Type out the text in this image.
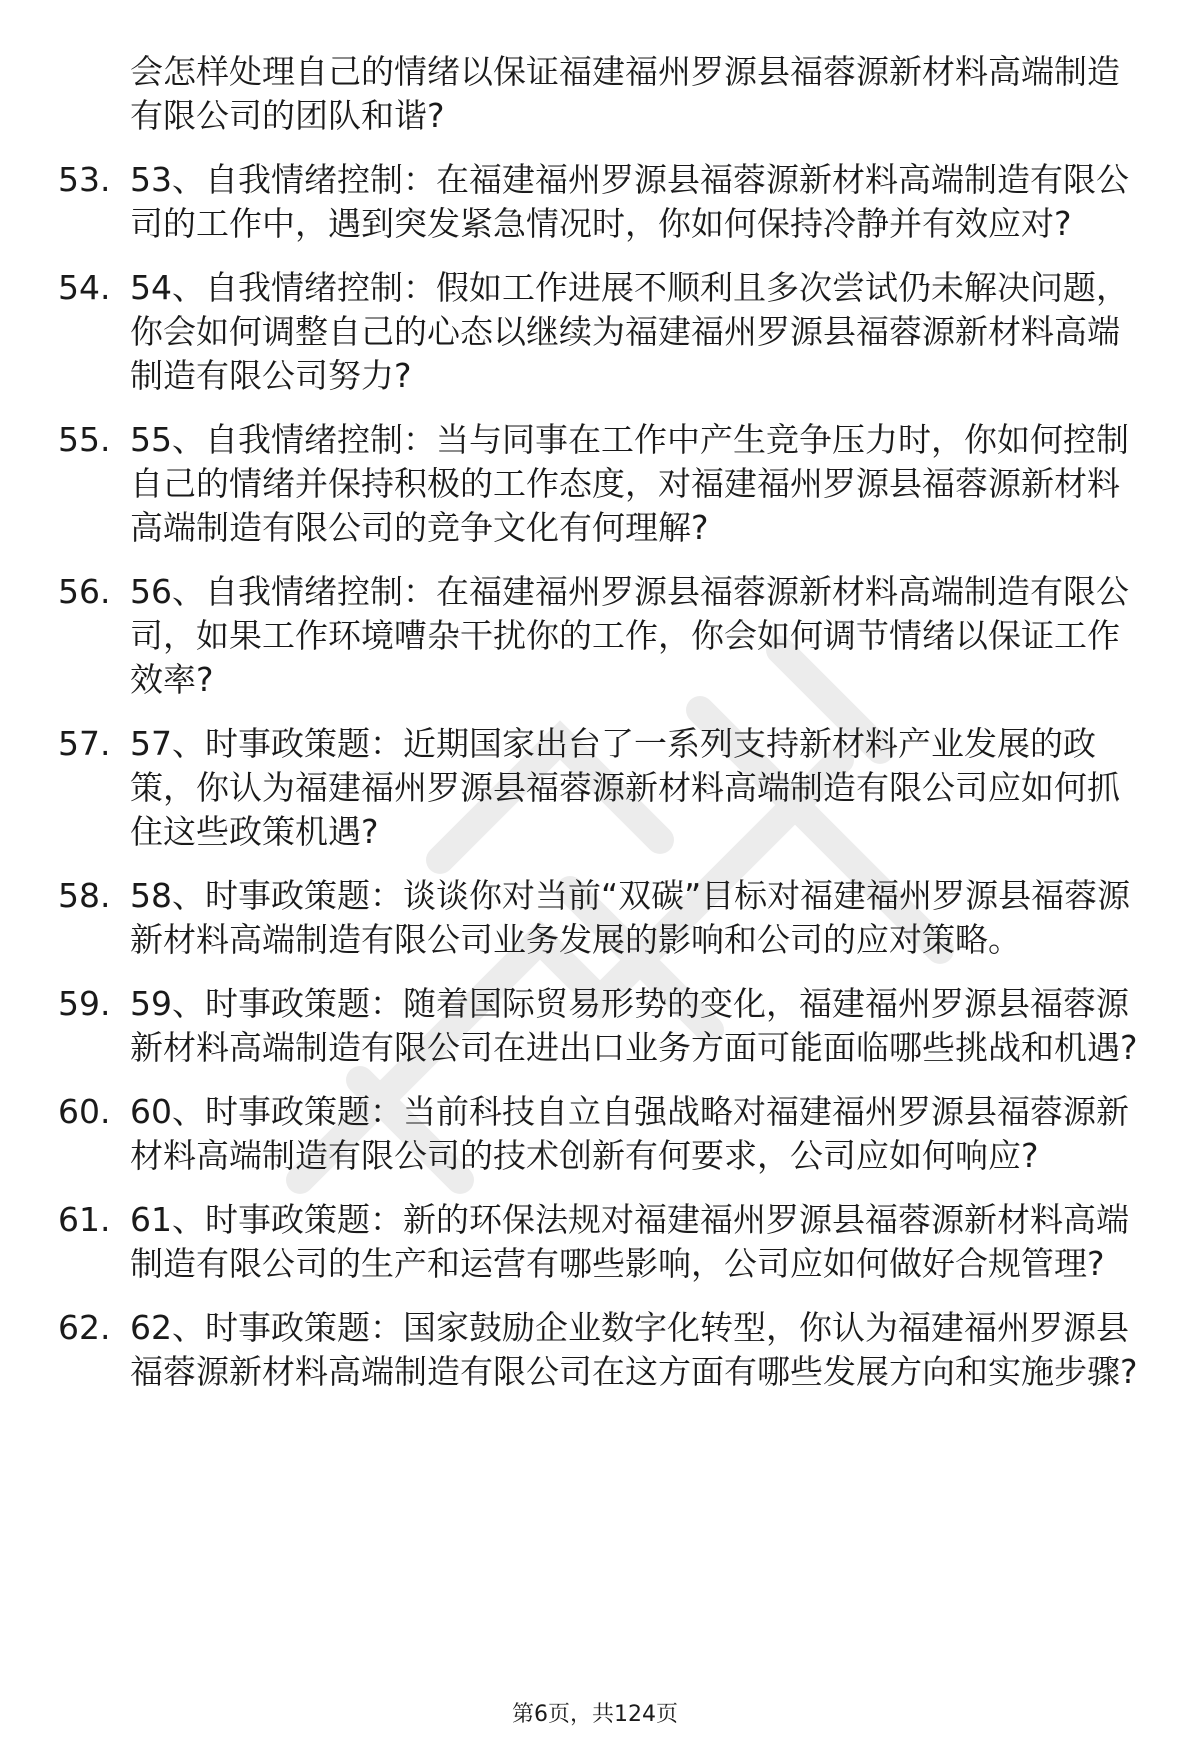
会怎样处理自己的情绪以保证福建福州罗源县福蓉源新材料高端制造有限公司的团队和谐?
53. 53、自我情绪控制：在福建福州罗源县福蓉源新材料高端制造有限公司的工作中，遇到突发紧急情况时，你如何保持冷静并有效应对?
54. 54、自我情绪控制：假如工作进展不顺利且多次尝试仍未解决问题，你会如何调整自己的心态以继续为福建福州罗源县福蓉源新材料高端制造有限公司努力?
55. 55、自我情绪控制：当与同事在工作中产生竞争压力时，你如何控制自己的情绪并保持积极的工作态度，对福建福州罗源县福蓉源新材料高端制造有限公司的竞争文化有何理解?
56. 56、自我情绪控制：在福建福州罗源县福蓉源新材料高端制造有限公司，如果工作环境嘈杂干扰你的工作，你会如何调节情绪以保证工作效率?
57. 57、时事政策题：近期国家出台了一系列支持新材料产业发展的政策，你认为福建福州罗源县福蓉源新材料高端制造有限公司应如何抓住这些政策机遇?
58. 58、时事政策题：谈谈你对当前“双碳”目标对福建福州罗源县福蓉源新材料高端制造有限公司业务发展的影响和公司的应对策略。
59. 59、时事政策题：随着国际贸易形势的变化，福建福州罗源县福蓉源新材料高端制造有限公司在进出口业务方面可能面临哪些挑战和机遇?
60. 60、时事政策题：当前科技自立自强战略对福建福州罗源县福蓉源新材料高端制造有限公司的技术创新有何要求，公司应如何响应?
61. 61、时事政策题：新的环保法规对福建福州罗源县福蓉源新材料高端制造有限公司的生产和运营有哪些影响，公司应如何做好合规管理?
62. 62、时事政策题：国家鼓励企业数字化转型，你认为福建福州罗源县福蓉源新材料高端制造有限公司在这方面有哪些发展方向和实施步骤?
第6页，共124页
